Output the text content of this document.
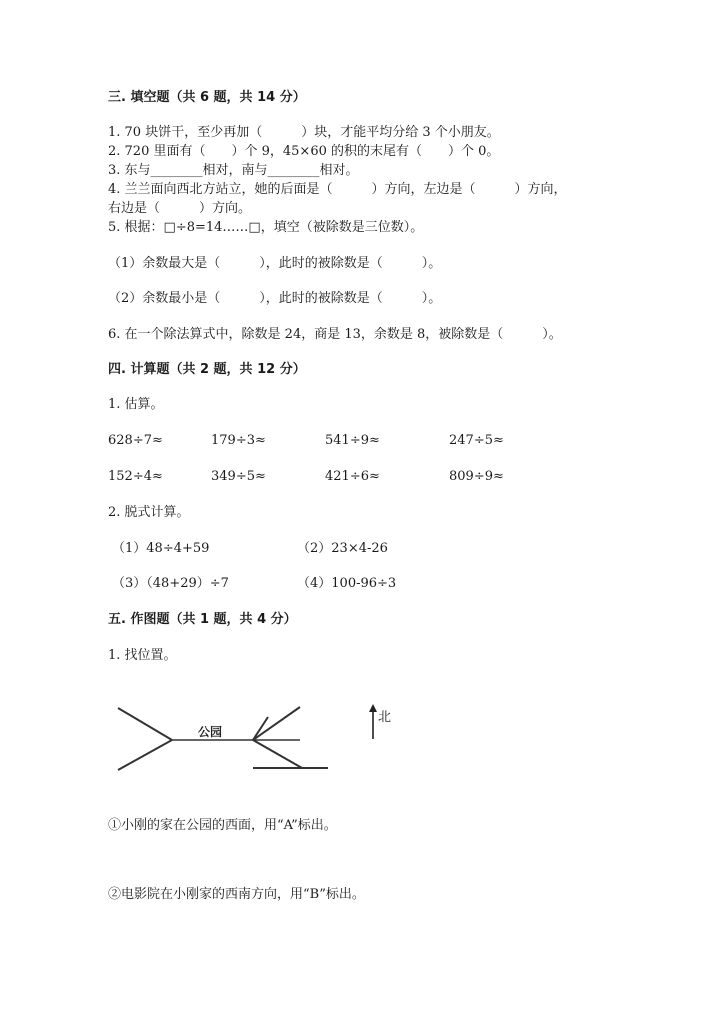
三. 填空题（共 6 题，共 14 分）
1. 70 块饼干，至少再加（　　　）块，才能平均分给 3 个小朋友。
2. 720 里面有（　　）个 9，45×60 的积的末尾有（　　）个 0。
3. 东与________相对，南与________相对。
4. 兰兰面向西北方站立，她的后面是（　　　）方向，左边是（　　　）方向，
右边是（　　　）方向。
5. 根据：□÷8=14……□，填空（被除数是三位数）。
（1）余数最大是（　　　），此时的被除数是（　　　）。
（2）余数最小是（　　　），此时的被除数是（　　　）。
6. 在一个除法算式中，除数是 24，商是 13，余数是 8，被除数是（　　　）。
四. 计算题（共 2 题，共 12 分）
1. 估算。
628÷7≈	179÷3≈	541÷9≈	247÷5≈
152÷4≈	349÷5≈	421÷6≈	809÷9≈
2. 脱式计算。
（1）48÷4+59	（2）23×4-26
（3）（48+29）÷7	（4）100-96÷3
五. 作图题（共 1 题，共 4 分）
1. 找位置。
公园
北
①小刚的家在公园的西面，用“A”标出。
②电影院在小刚家的西南方向，用“B”标出。
